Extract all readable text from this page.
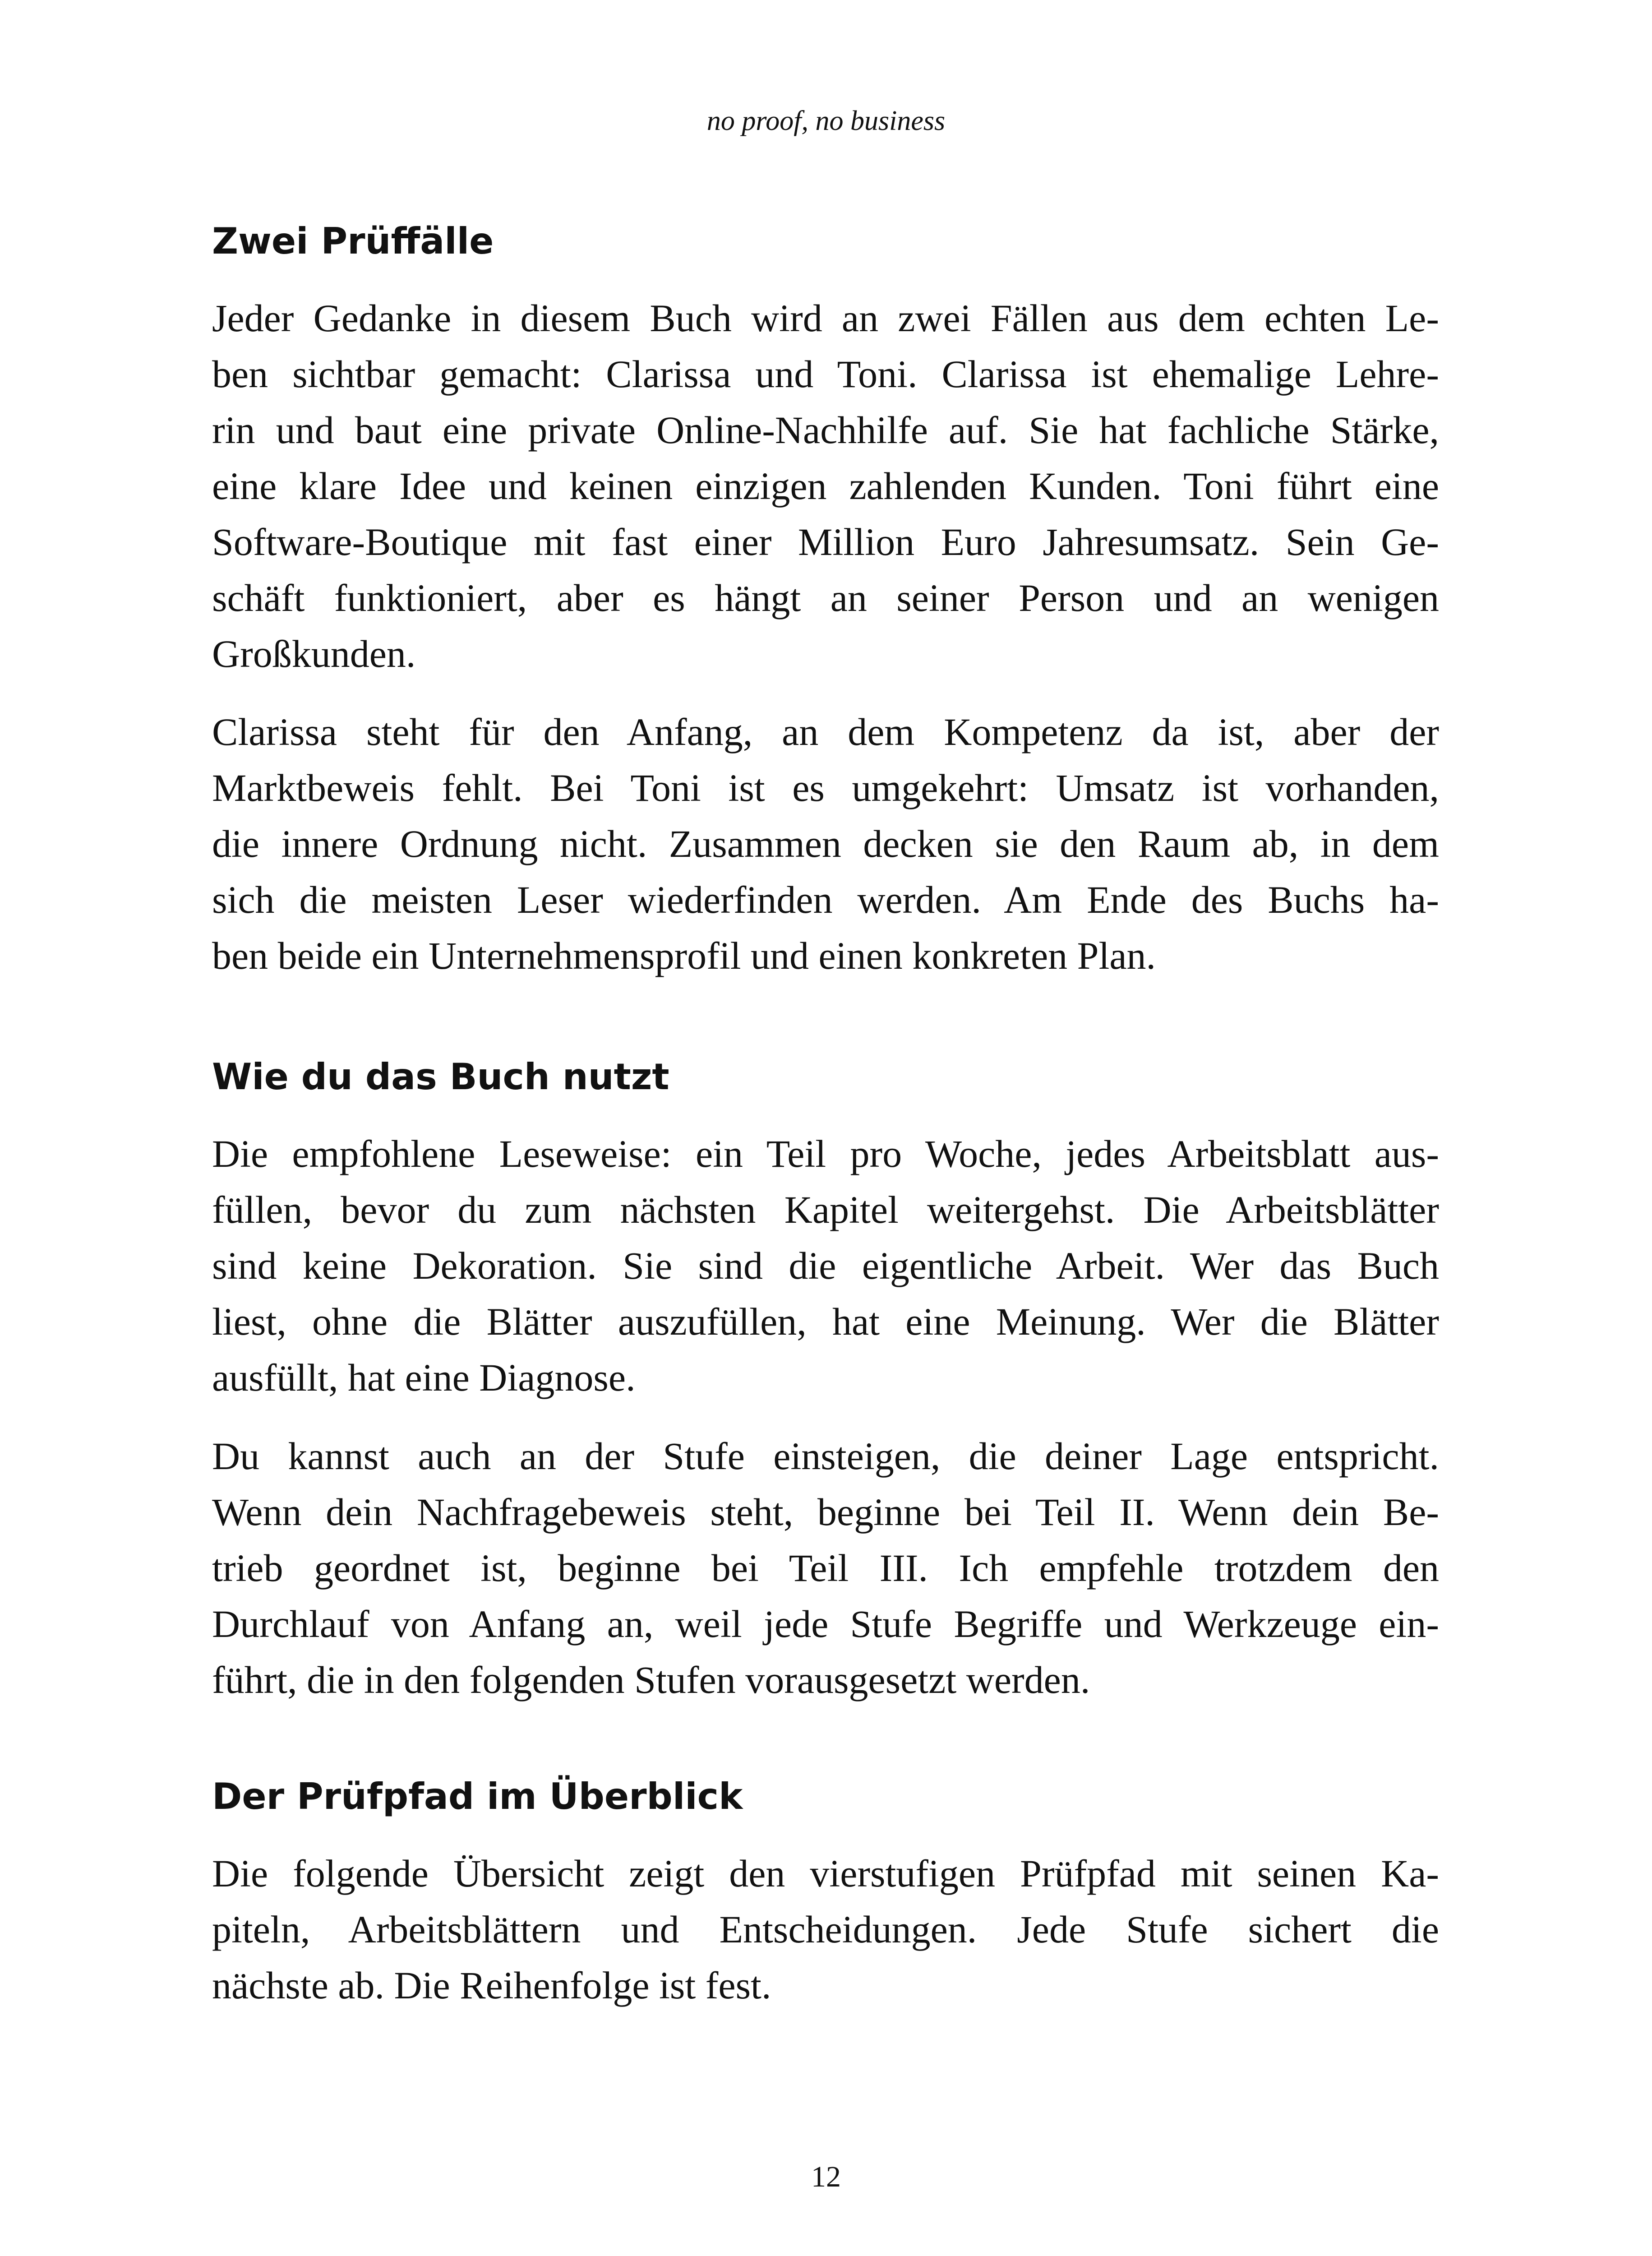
no proof, no business
Zwei Prüffälle

Jeder Gedanke in diesem Buch wird an zwei Fällen aus dem echten Le-
ben sichtbar gemacht: Clarissa und Toni. Clarissa ist ehemalige Lehre-
rin und baut eine private Online-Nachhilfe auf. Sie hat fachliche Stärke,
eine klare Idee und keinen einzigen zahlenden Kunden. Toni führt eine
Software-Boutique mit fast einer Million Euro Jahresumsatz. Sein Ge-
schäft funktioniert, aber es hängt an seiner Person und an wenigen
Großkunden.

Clarissa steht für den Anfang, an dem Kompetenz da ist, aber der
Marktbeweis fehlt. Bei Toni ist es umgekehrt: Umsatz ist vorhanden,
die innere Ordnung nicht. Zusammen decken sie den Raum ab, in dem
sich die meisten Leser wiederfinden werden. Am Ende des Buchs ha-
ben beide ein Unternehmensprofil und einen konkreten Plan.

Wie du das Buch nutzt

Die empfohlene Leseweise: ein Teil pro Woche, jedes Arbeitsblatt aus-
füllen, bevor du zum nächsten Kapitel weitergehst. Die Arbeitsblätter
sind keine Dekoration. Sie sind die eigentliche Arbeit. Wer das Buch
liest, ohne die Blätter auszufüllen, hat eine Meinung. Wer die Blätter
ausfüllt, hat eine Diagnose.

Du kannst auch an der Stufe einsteigen, die deiner Lage entspricht.
Wenn dein Nachfragebeweis steht, beginne bei Teil II. Wenn dein Be-
trieb geordnet ist, beginne bei Teil III. Ich empfehle trotzdem den
Durchlauf von Anfang an, weil jede Stufe Begriffe und Werkzeuge ein-
führt, die in den folgenden Stufen vorausgesetzt werden.

Der Prüfpfad im Überblick

Die folgende Übersicht zeigt den vierstufigen Prüfpfad mit seinen Ka-
piteln, Arbeitsblättern und Entscheidungen. Jede Stufe sichert die
nächste ab. Die Reihenfolge ist fest.

12
